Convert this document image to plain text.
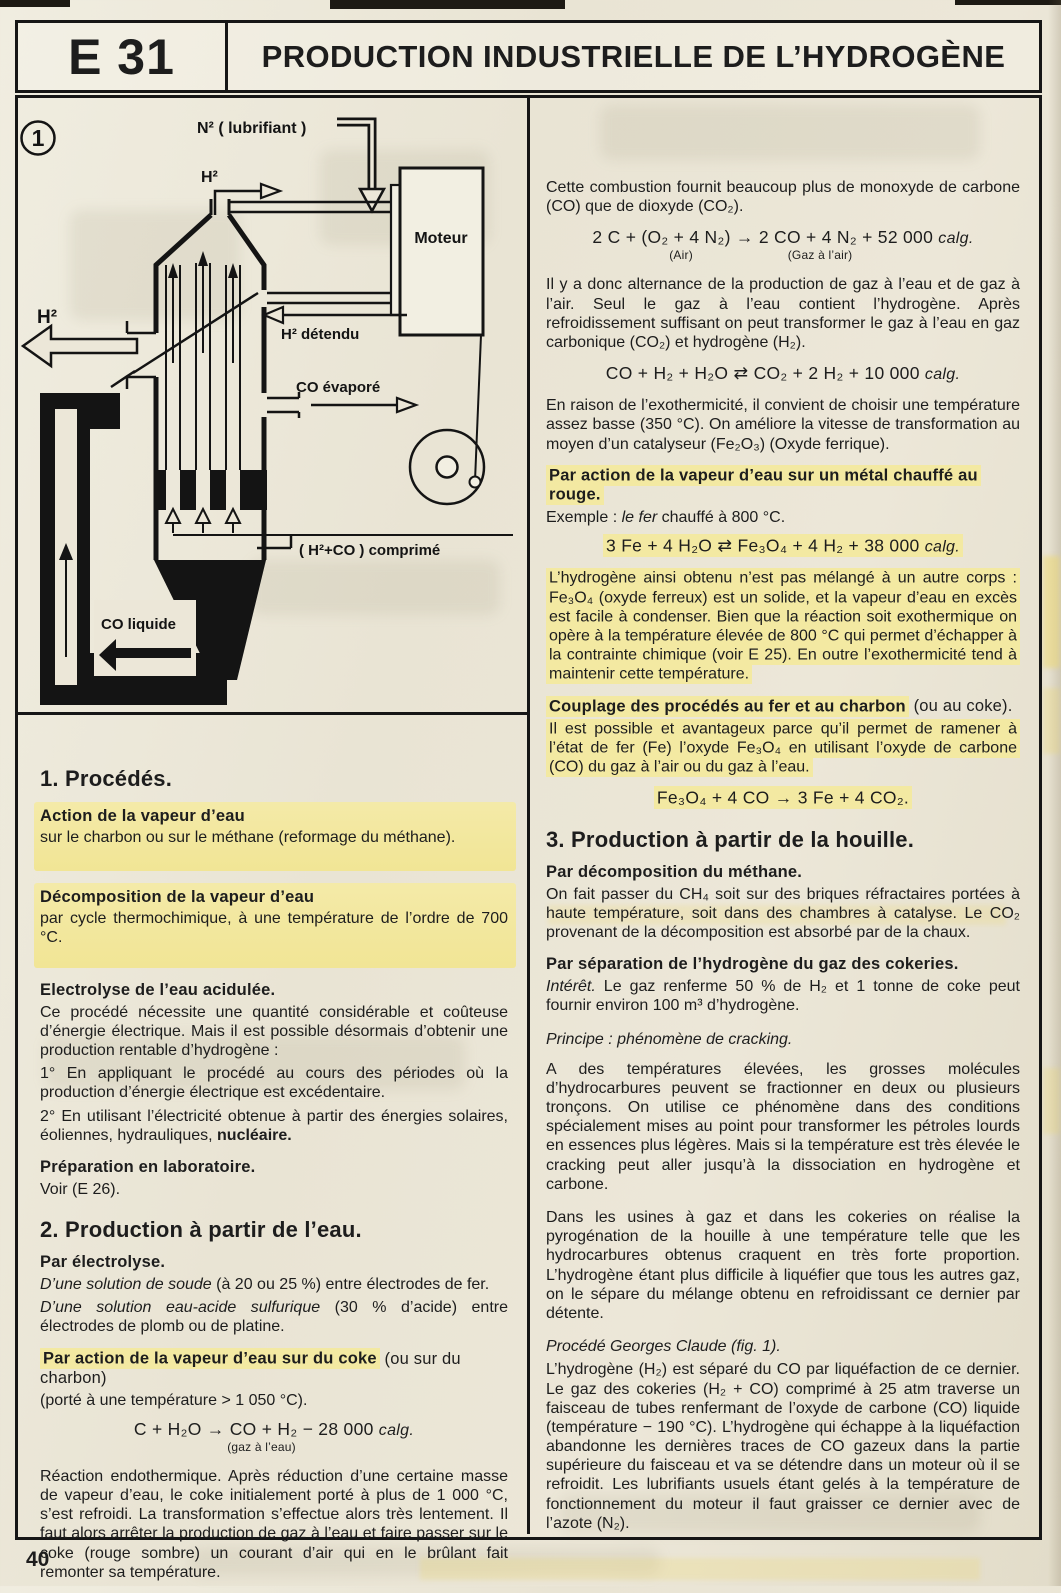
E 31	PRODUCTION INDUSTRIELLE DE L’HYDROGÈNE
1	N² ( lubrifiant )
H²
Moteur
H² détendu
CO évaporé
H²
( H²+CO ) comprimé
CO liquide
1. Procédés.
Action de la vapeur d’eau

sur le charbon ou sur le méthane (reformage du méthane).

Décomposition de la vapeur d’eau

par cycle thermochimique, à une température de l’ordre de 700 °C.

Electrolyse de l’eau acidulée.

Ce procédé nécessite une quantité considérable et coûteuse d’énergie électrique. Mais il est possible désormais d’obtenir une production rentable d’hydrogène :

1° En appliquant le procédé au cours des périodes où la production d’énergie électrique est excédentaire.

2° En utilisant l’électricité obtenue à partir des énergies solaires, éoliennes, hydrauliques, nucléaire.

Préparation en laboratoire.

Voir (E 26).

2. Production à partir de l’eau.
Par électrolyse.

D’une solution de soude (à 20 ou 25 %) entre électrodes de fer.

D’une solution eau-acide sulfurique (30 % d’acide) entre électrodes de plomb ou de platine.

Par action de la vapeur d’eau sur du coke (ou sur du charbon)

(porté à une température > 1 050 °C).

C + H₂O → CO + H₂ − 28 000 calg.
(gaz à l’eau)

Réaction endothermique. Après réduction d’une certaine masse de vapeur d’eau, le coke initialement porté à plus de 1 000 °C, s’est refroidi. La transformation s’effectue alors très lentement. Il faut alors arrêter la production de gaz à l’eau et faire passer sur le coke (rouge sombre) un courant d’air qui en le brûlant fait remonter sa température.

Cette combustion fournit beaucoup plus de monoxyde de carbone (CO) que de dioxyde (CO₂).

2 C + (O₂ + 4 N₂) → 2 CO + 4 N₂ + 52 000 calg.
(Air)	(Gaz à l’air)

Il y a donc alternance de la production de gaz à l’eau et de gaz à l’air. Seul le gaz à l’eau contient l’hydrogène. Après refroidissement suffisant on peut transformer le gaz à l’eau en gaz carbonique (CO₂) et hydrogène (H₂).

CO + H₂ + H₂O ⇄ CO₂ + 2 H₂ + 10 000 calg.

En raison de l’exothermicité, il convient de choisir une température assez basse (350 °C). On améliore la vitesse de transformation au moyen d’un catalyseur (Fe₂O₃) (Oxyde ferrique).

Par action de la vapeur d’eau sur un métal chauffé au rouge.

Exemple : le fer chauffé à 800 °C.

3 Fe + 4 H₂O ⇄ Fe₃O₄ + 4 H₂ + 38 000 calg.

L’hydrogène ainsi obtenu n’est pas mélangé à un autre corps : Fe₃O₄ (oxyde ferreux) est un solide, et la vapeur d’eau en excès est facile à condenser. Bien que la réaction soit exothermique on opère à la température élevée de 800 °C qui permet d’échapper à la contrainte chimique (voir E 25). En outre l’exothermicité tend à maintenir cette température.

Couplage des procédés au fer et au charbon (ou au coke).

Il est possible et avantageux parce qu’il permet de ramener à l’état de fer (Fe) l’oxyde Fe₃O₄ en utilisant l’oxyde de carbone (CO) du gaz à l’air ou du gaz à l’eau.

Fe₃O₄ + 4 CO → 3 Fe + 4 CO₂.
3. Production à partir de la houille.
Par décomposition du méthane.

On fait passer du CH₄ soit sur des briques réfractaires portées à haute température, soit dans des chambres à catalyse. Le CO₂ provenant de la décomposition est absorbé par de la chaux.

Par séparation de l’hydrogène du gaz des cokeries.

Intérêt. Le gaz renferme 50 % de H₂ et 1 tonne de coke peut fournir environ 100 m³ d’hydrogène.

Principe : phénomène de cracking.

A des températures élevées, les grosses molécules d’hydrocarbures peuvent se fractionner en deux ou plusieurs tronçons. On utilise ce phénomène dans des conditions spécialement mises au point pour transformer les pétroles lourds en essences plus légères. Mais si la température est très élevée le cracking peut aller jusqu’à la dissociation en hydrogène et carbone.

Dans les usines à gaz et dans les cokeries on réalise la pyrogénation de la houille à une température telle que les hydrocarbures obtenus craquent en très forte proportion. L’hydrogène étant plus difficile à liquéfier que tous les autres gaz, on le sépare du mélange obtenu en refroidissant ce dernier par détente.

Procédé Georges Claude (fig. 1).

L’hydrogène (H₂) est séparé du CO par liquéfaction de ce dernier. Le gaz des cokeries (H₂ + CO) comprimé à 25 atm traverse un faisceau de tubes renfermant de l’oxyde de carbone (CO) liquide (température − 190 °C). L’hydrogène qui échappe à la liquéfaction abandonne les dernières traces de CO gazeux dans la partie supérieure du faisceau et va se détendre dans un moteur où il se refroidit. Les lubrifiants usuels étant gelés à la température de fonctionnement du moteur il faut graisser ce dernier avec de l’azote (N₂).

40
